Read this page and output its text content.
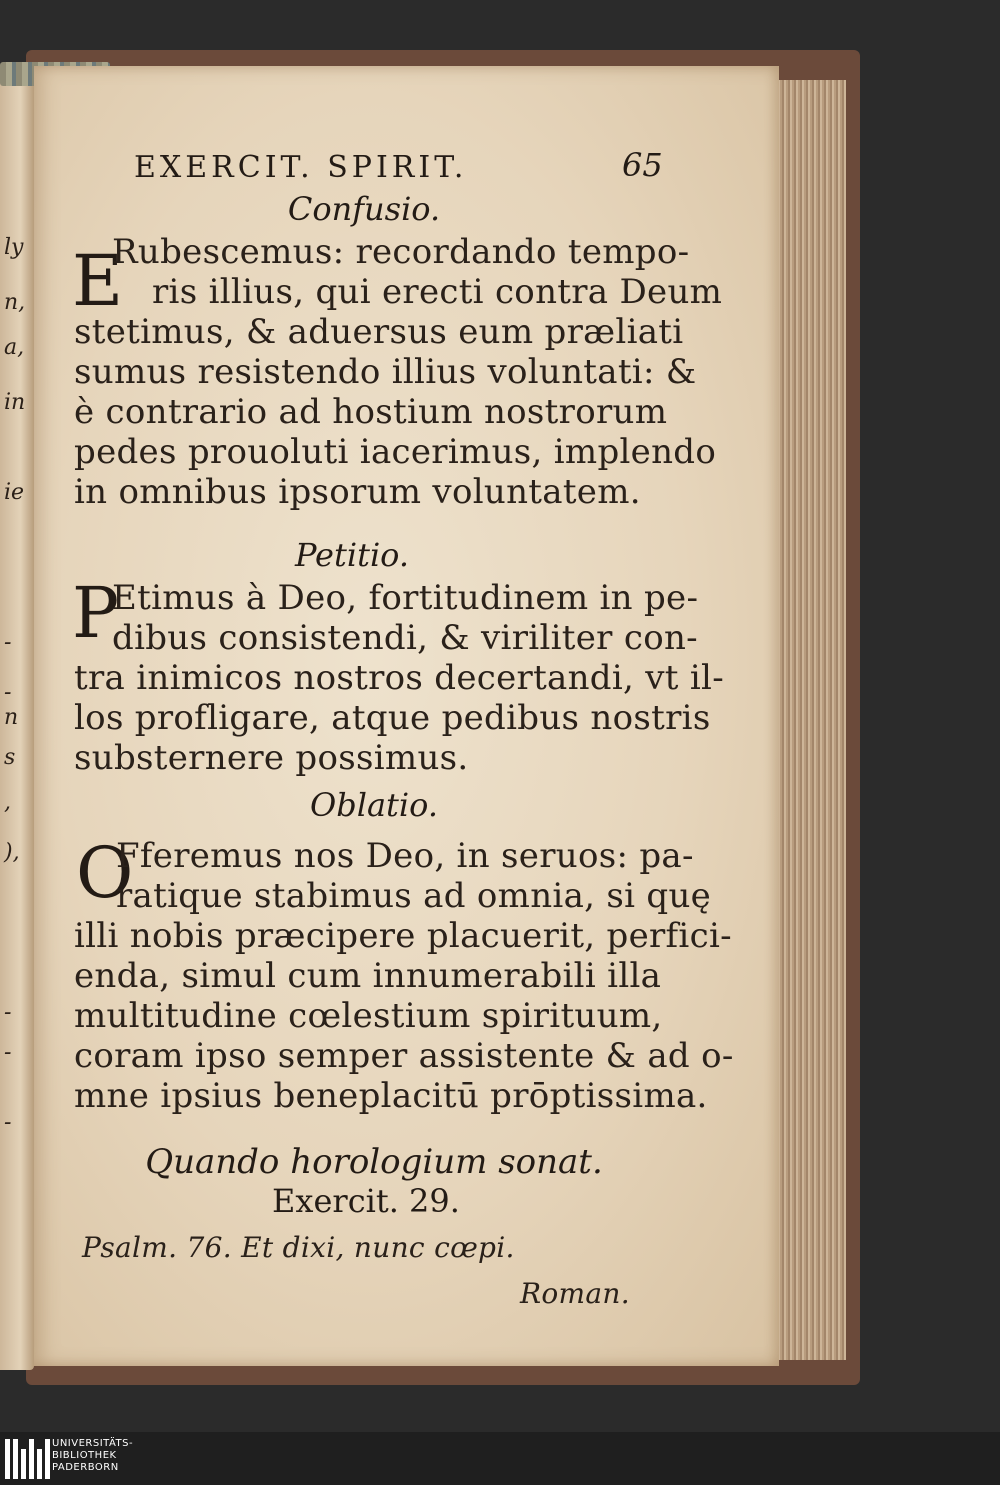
ly
n,
a,
in
ie
-
-
n
s
,
),
-
-
-
EXERCIT. SPIRIT.	65
Confusio.
E
Rubescemus: recordando tempo-
ris illius, qui erecti contra Deum
stetimus, & aduersus eum præliati
sumus resistendo illius voluntati: &
è contrario ad hostium nostrorum
pedes prouoluti iacerimus, implendo
in omnibus ipsorum voluntatem.
Petitio.
P
Etimus à Deo, fortitudinem in pe-
dibus consistendi, & viriliter con-
tra inimicos nostros decertandi, vt il-
los profligare, atque pedibus nostris
substernere possimus.
Oblatio.
O
Fferemus nos Deo, in seruos: pa-
ratique stabimus ad omnia, si quę
illi nobis præcipere placuerit, perfici-
enda, simul cum innumerabili illa
multitudine cœlestium spirituum,
coram ipso semper assistente & ad o-
mne ipsius beneplacitū prōptissima.
Quando horologium sonat.
Exercit. 29.
Psalm. 76. Et dixi, nunc cœpi.
Roman.
UNIVERSITÄTS-
BIBLIOTHEK
PADERBORN
